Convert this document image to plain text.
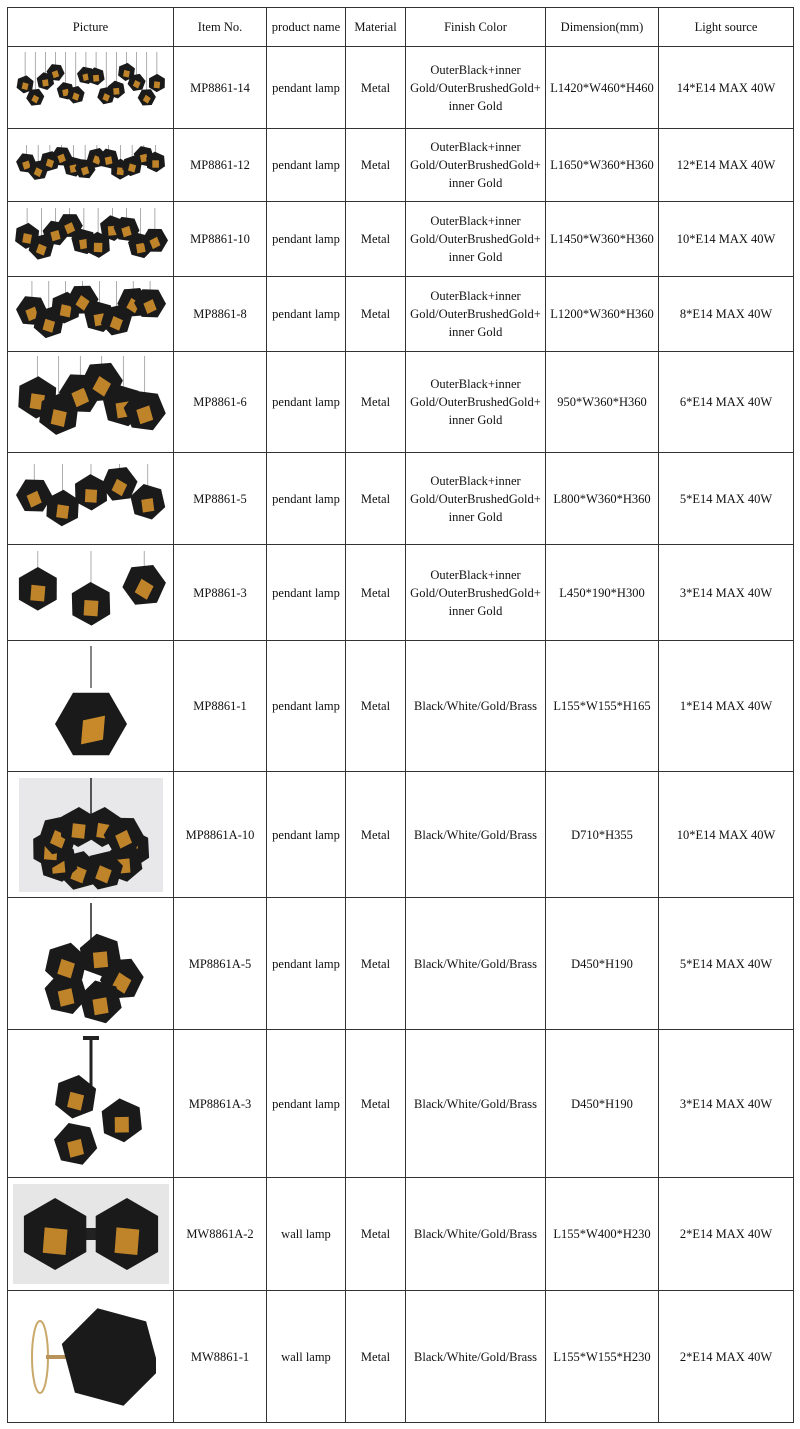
Picture	Item No.	product name	Material	Finish Color	Dimension(mm)	Light source

	MP8861-14	pendant lamp	Metal	OuterBlack+inner Gold/OuterBrushedGold+ inner Gold	L1420*W460*H460	14*E14 MAX 40W

	MP8861-12	pendant lamp	Metal	OuterBlack+inner Gold/OuterBrushedGold+ inner Gold	L1650*W360*H360	12*E14 MAX 40W

	MP8861-10	pendant lamp	Metal	OuterBlack+inner Gold/OuterBrushedGold+ inner Gold	L1450*W360*H360	10*E14 MAX 40W

	MP8861-8	pendant lamp	Metal	OuterBlack+inner Gold/OuterBrushedGold+ inner Gold	L1200*W360*H360	8*E14 MAX 40W

	MP8861-6	pendant lamp	Metal	OuterBlack+inner Gold/OuterBrushedGold+ inner Gold	950*W360*H360	6*E14 MAX 40W

	MP8861-5	pendant lamp	Metal	OuterBlack+inner Gold/OuterBrushedGold+ inner Gold	L800*W360*H360	5*E14 MAX 40W

	MP8861-3	pendant lamp	Metal	OuterBlack+inner Gold/OuterBrushedGold+ inner Gold	L450*190*H300	3*E14 MAX 40W

	MP8861-1	pendant lamp	Metal	Black/White/Gold/Brass	L155*W155*H165	1*E14 MAX 40W

	MP8861A-10	pendant lamp	Metal	Black/White/Gold/Brass	D710*H355	10*E14 MAX 40W

	MP8861A-5	pendant lamp	Metal	Black/White/Gold/Brass	D450*H190	5*E14 MAX 40W

	MP8861A-3	pendant lamp	Metal	Black/White/Gold/Brass	D450*H190	3*E14 MAX 40W

	MW8861A-2	wall lamp	Metal	Black/White/Gold/Brass	L155*W400*H230	2*E14 MAX 40W

	MW8861-1	wall lamp	Metal	Black/White/Gold/Brass	L155*W155*H230	2*E14 MAX 40W
